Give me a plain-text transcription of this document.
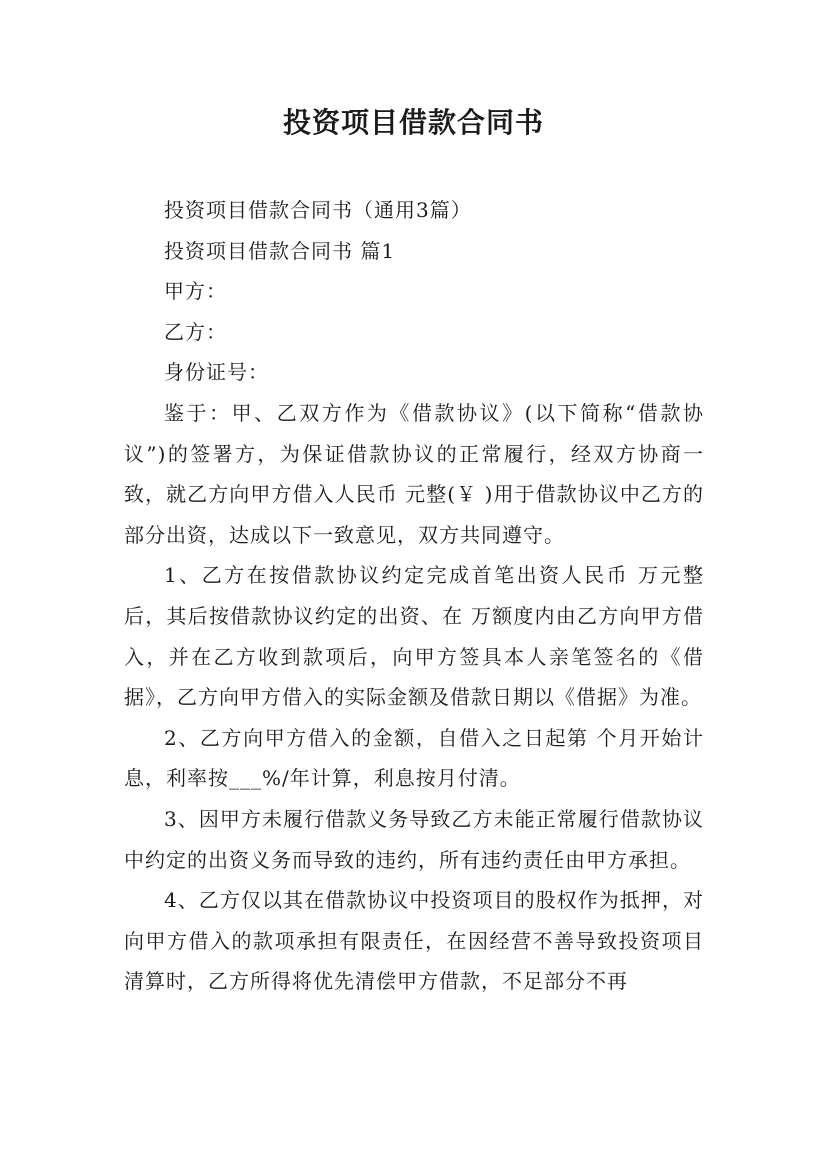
投资项目借款合同书

投资项目借款合同书（通用3篇）

投资项目借款合同书 篇1

甲方：

乙方：

身份证号：

鉴于：甲、乙双方作为《借款协议》(以下简称“借款协议”)的签署方，为保证借款协议的正常履行，经双方协商一致，就乙方向甲方借入人民币 元整(￥ )用于借款协议中乙方的部分出资，达成以下一致意见，双方共同遵守。

1、乙方在按借款协议约定完成首笔出资人民币 万元整后，其后按借款协议约定的出资、在 万额度内由乙方向甲方借入，并在乙方收到款项后，向甲方签具本人亲笔签名的《借据》，乙方向甲方借入的实际金额及借款日期以《借据》为准。

2、乙方向甲方借入的金额，自借入之日起第 个月开始计息，利率按___%/年计算，利息按月付清。

3、因甲方未履行借款义务导致乙方未能正常履行借款协议中约定的出资义务而导致的违约，所有违约责任由甲方承担。

4、乙方仅以其在借款协议中投资项目的股权作为抵押，对向甲方借入的款项承担有限责任，在因经营不善导致投资项目清算时，乙方所得将优先清偿甲方借款，不足部分不再
